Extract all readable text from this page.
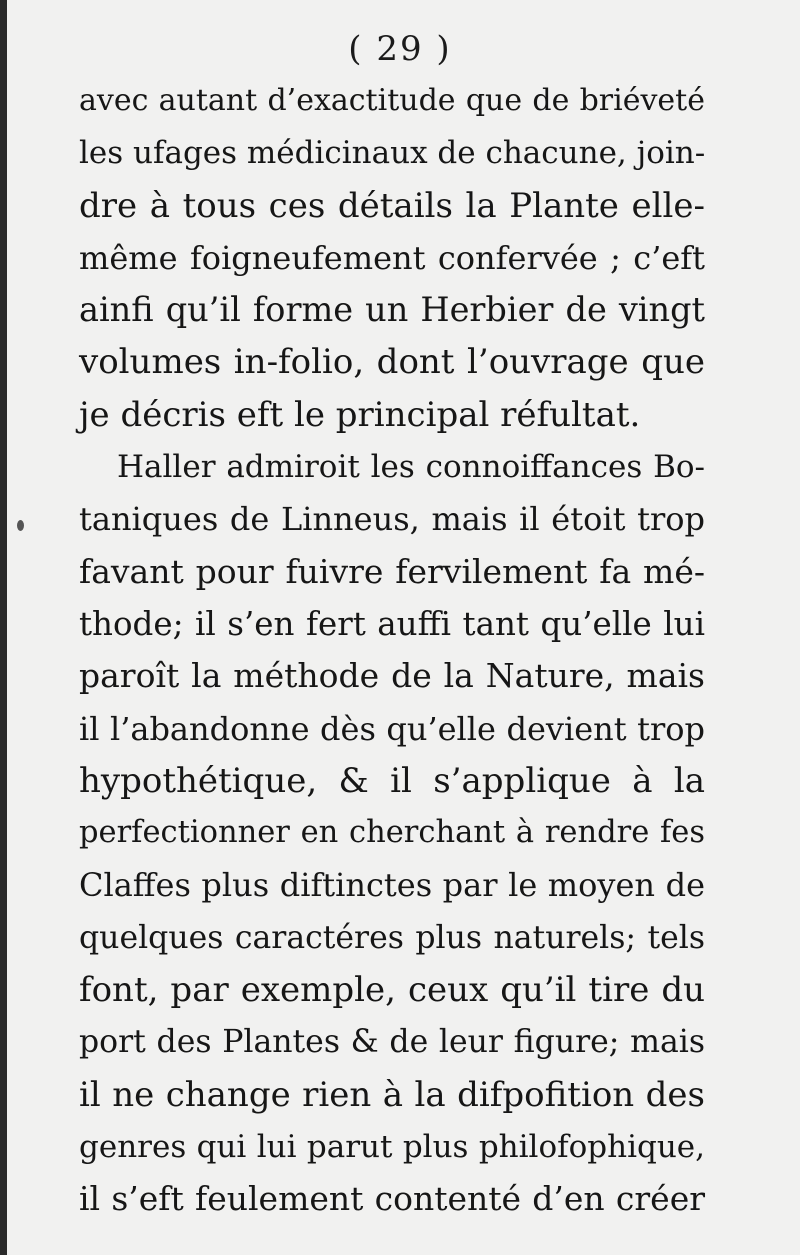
( 29 )
avec autant d’exactitude que de briéveté
les ufages médicinaux de chacune, join-
dre à tous ces détails la Plante elle-
même foigneufement confervée ; c’eft
ainfi qu’il forme un Herbier de vingt
volumes in-folio, dont l’ouvrage que
je décris eft le principal réfultat.
Haller admiroit les connoiffances Bo-
taniques de Linneus, mais il étoit trop
favant pour fuivre fervilement fa mé-
thode; il s’en fert auffi tant qu’elle lui
paroît la méthode de la Nature, mais
il l’abandonne dès qu’elle devient trop
hypothétique, & il s’applique à la
perfectionner en cherchant à rendre fes
Claffes plus diftinctes par le moyen de
quelques caractéres plus naturels; tels
font, par exemple, ceux qu’il tire du
port des Plantes & de leur figure; mais
il ne change rien à la difpofition des
genres qui lui parut plus philofophique,
il s’eft feulement contenté d’en créer
